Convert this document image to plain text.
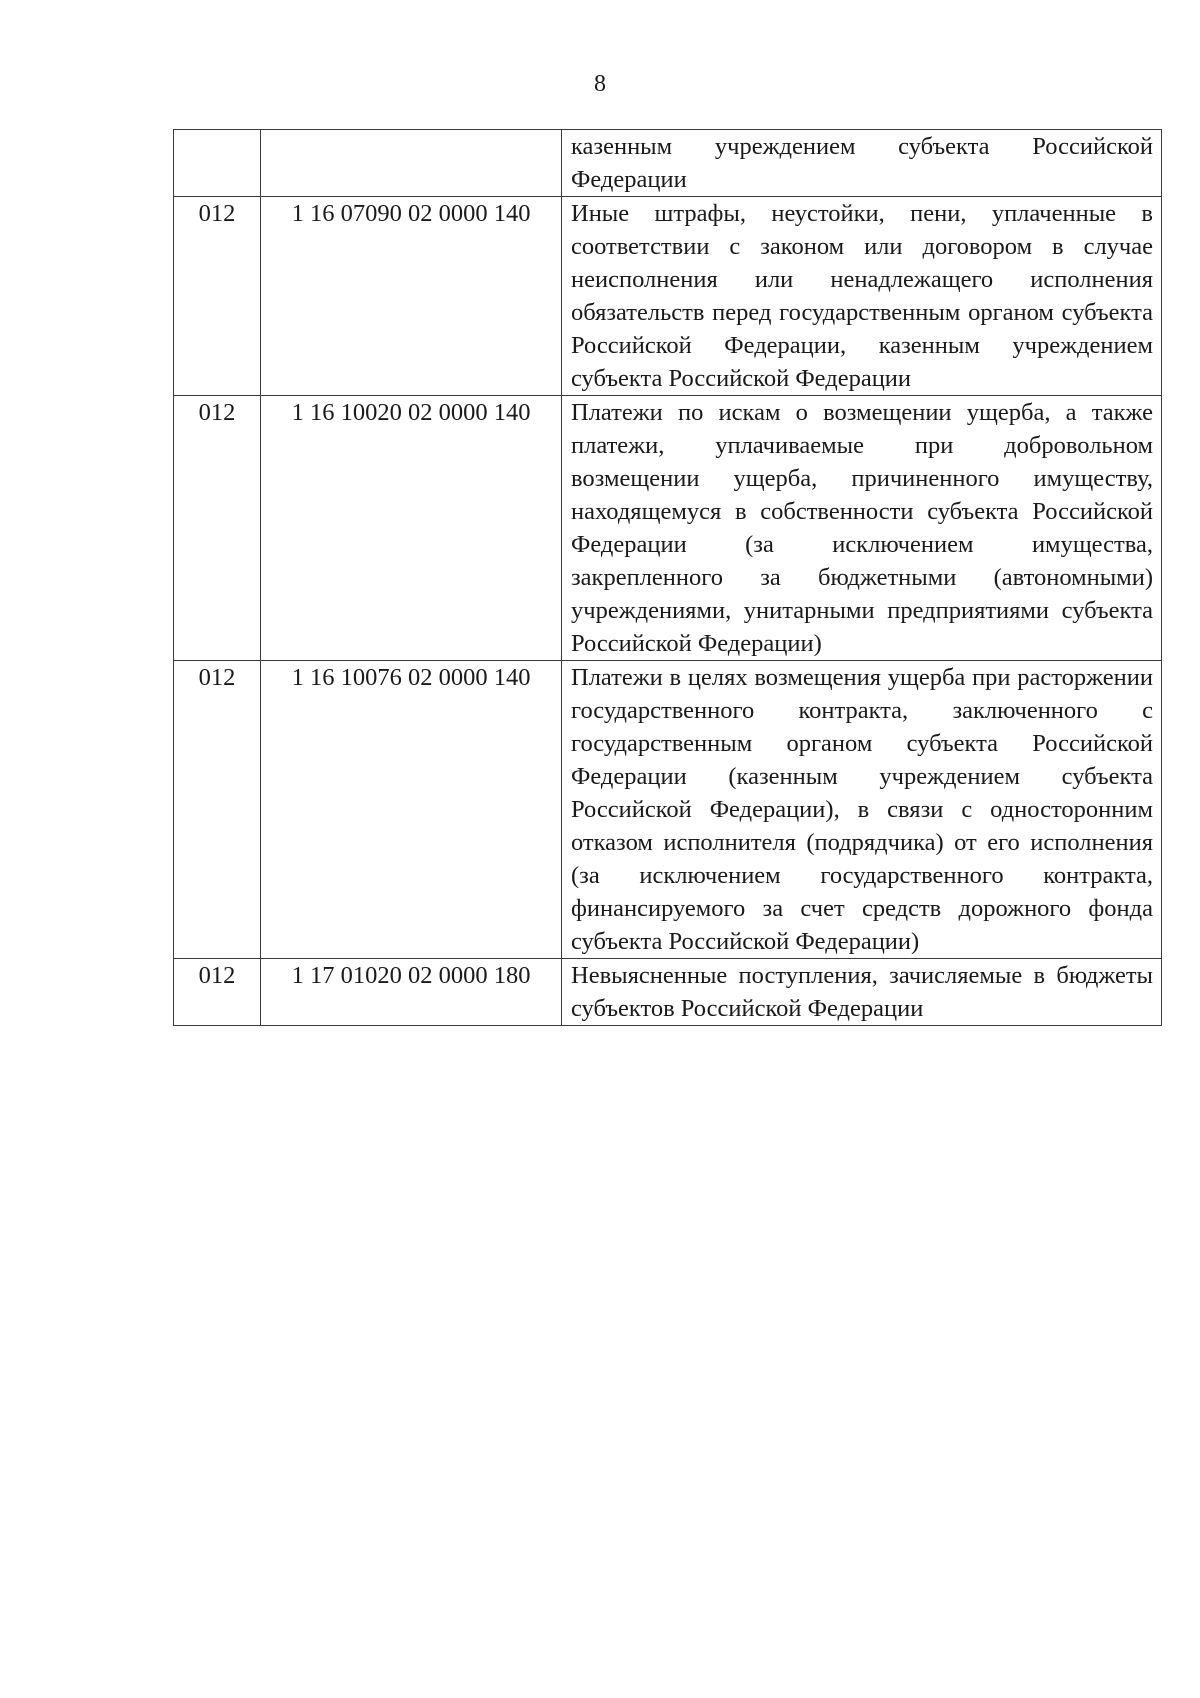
8
		казенным учреждением субъекта Российской Федерации
012	1 16 07090 02 0000 140	Иные штрафы, неустойки, пени, уплаченные в соответствии с законом или договором в случае неисполнения или ненадлежащего исполнения обязательств перед государственным органом субъекта Российской Федерации, казенным учреждением субъекта Российской Федерации
012	1 16 10020 02 0000 140	Платежи по искам о возмещении ущерба, а также платежи, уплачиваемые при добровольном возмещении ущерба, причиненного имуществу, находящемуся в собственности субъекта Российской Федерации (за исключением имущества, закрепленного за бюджетными (автономными) учреждениями, унитарными предприятиями субъекта Российской Федерации)
012	1 16 10076 02 0000 140	Платежи в целях возмещения ущерба при расторжении государственного контракта, заключенного с государственным органом субъекта Российской Федерации (казенным учреждением субъекта Российской Федерации), в связи с односторонним отказом исполнителя (подрядчика) от его исполнения (за исключением государственного контракта, финансируемого за счет средств дорожного фонда субъекта Российской Федерации)
012	1 17 01020 02 0000 180	Невыясненные поступления, зачисляемые в бюджеты субъектов Российской Федерации
